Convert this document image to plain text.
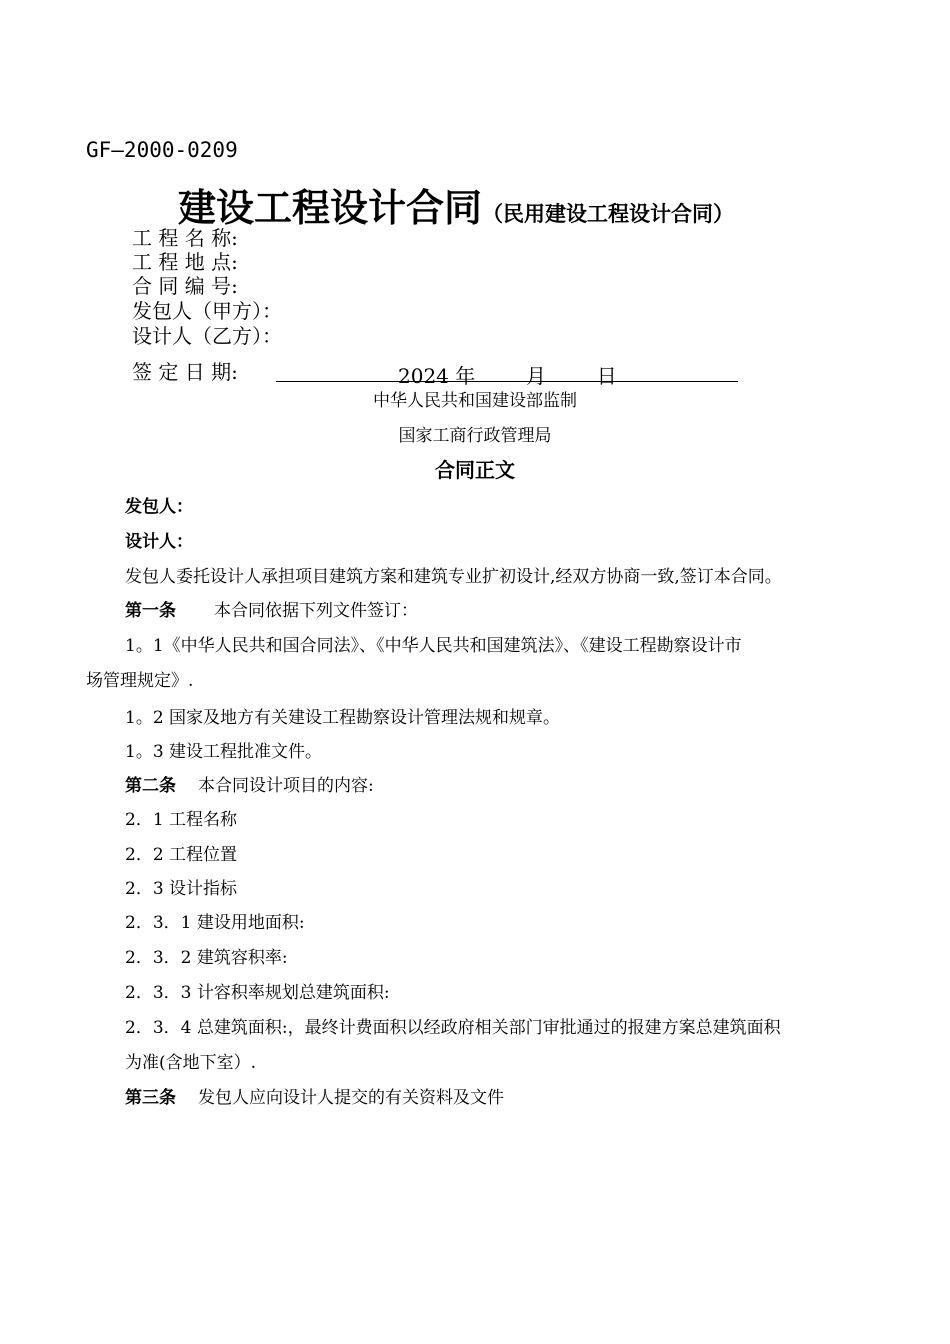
GF—2000-0209
建设工程设计合同（民用建设工程设计合同）
工 程 名 称:
工 程 地 点:
合 同 编 号:
发包人（甲方）：
设计人（乙方）：
签 定 日 期:	2024 年	月	日
中华人民共和国建设部监制
国家工商行政管理局
合同正文
发包人：
设计人：
发包人委托设计人承担项目建筑方案和建筑专业扩初设计,经双方协商一致,签订本合同。
第一条 本合同依据下列文件签订：
1。1《中华人民共和国合同法》、《中华人民共和国建筑法》、《建设工程勘察设计市
场管理规定》.
1。2 国家及地方有关建设工程勘察设计管理法规和规章。
1。3 建设工程批准文件。
第二条 本合同设计项目的内容:
2．1 工程名称
2．2 工程位置
2．3 设计指标
2．3．1 建设用地面积:
2．3．2 建筑容积率:
2．3．3 计容积率规划总建筑面积:
2．3．4 总建筑面积:，最终计费面积以经政府相关部门审批通过的报建方案总建筑面积
为准(含地下室）.
第三条 发包人应向设计人提交的有关资料及文件
